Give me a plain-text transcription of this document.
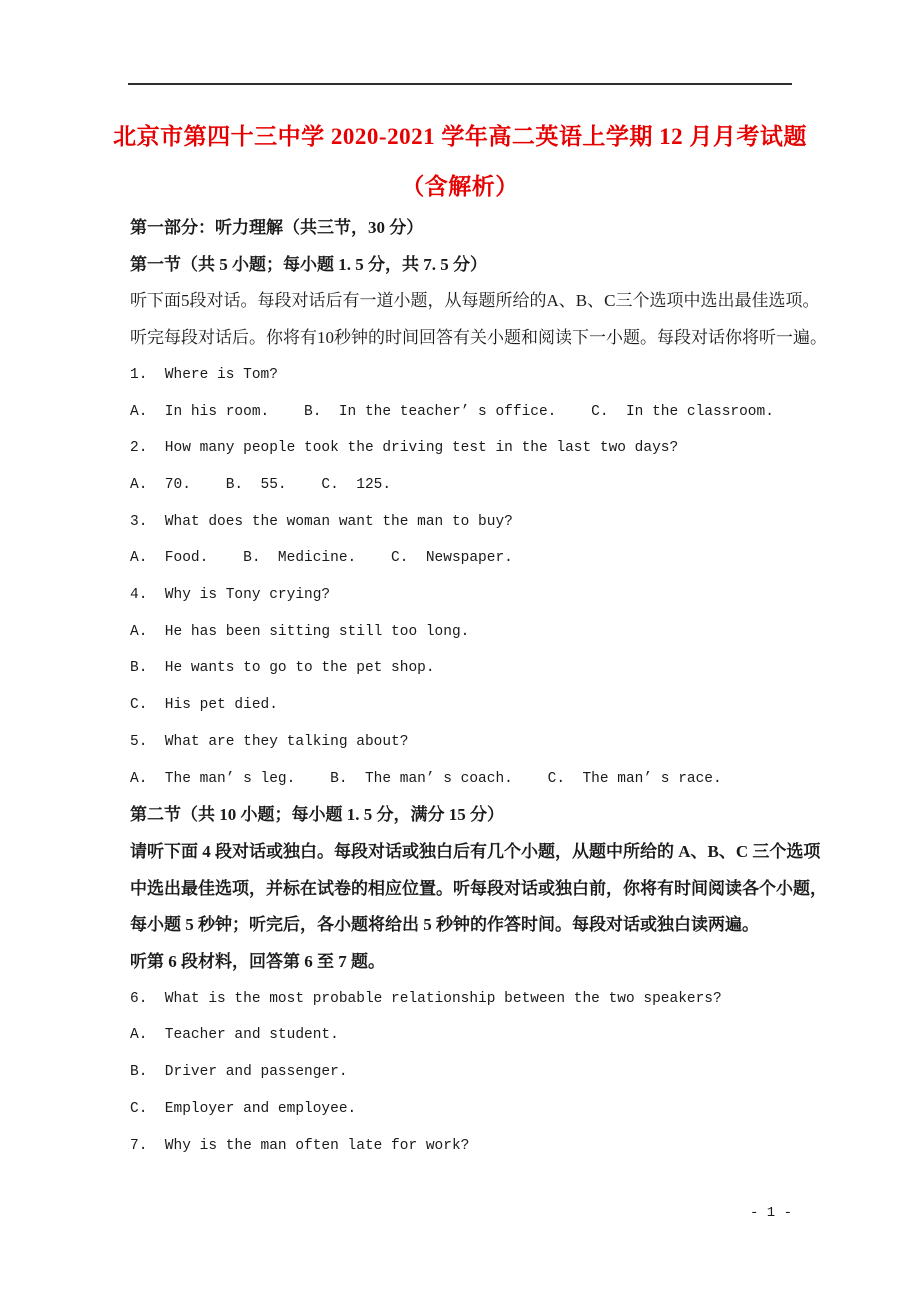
北京市第四十三中学 2020-2021 学年高二英语上学期 12 月月考试题
（含解析）

第一部分：听力理解（共三节，30 分）

第一节（共 5 小题；每小题 1. 5 分，共 7. 5 分）

听下面5段对话。每段对话后有一道小题，从每题所给的A、B、C三个选项中选出最佳选项。

听完每段对话后。你将有10秒钟的时间回答有关小题和阅读下一小题。每段对话你将听一遍。

1.  Where is Tom?

A.  In his room.    B.  In the teacher’ s office.    C.  In the classroom.

2.  How many people took the driving test in the last two days?

A.  70.    B.  55.    C.  125.

3.  What does the woman want the man to buy?

A.  Food.    B.  Medicine.    C.  Newspaper.

4.  Why is Tony crying?

A.  He has been sitting still too long.

B.  He wants to go to the pet shop.

C.  His pet died.

5.  What are they talking about?

A.  The man’ s leg.    B.  The man’ s coach.    C.  The man’ s race.

第二节（共 10 小题；每小题 1. 5 分，满分 15 分）

请听下面 4 段对话或独白。每段对话或独白后有几个小题，从题中所给的 A、B、C 三个选项

中选出最佳选项，并标在试卷的相应位置。听每段对话或独白前，你将有时间阅读各个小题，

每小题 5 秒钟；听完后，各小题将给出 5 秒钟的作答时间。每段对话或独白读两遍。

听第 6 段材料，回答第 6 至 7 题。

6.  What is the most probable relationship between the two speakers?

A.  Teacher and student.

B.  Driver and passenger.

C.  Employer and employee.

7.  Why is the man often late for work?

- 1 -
